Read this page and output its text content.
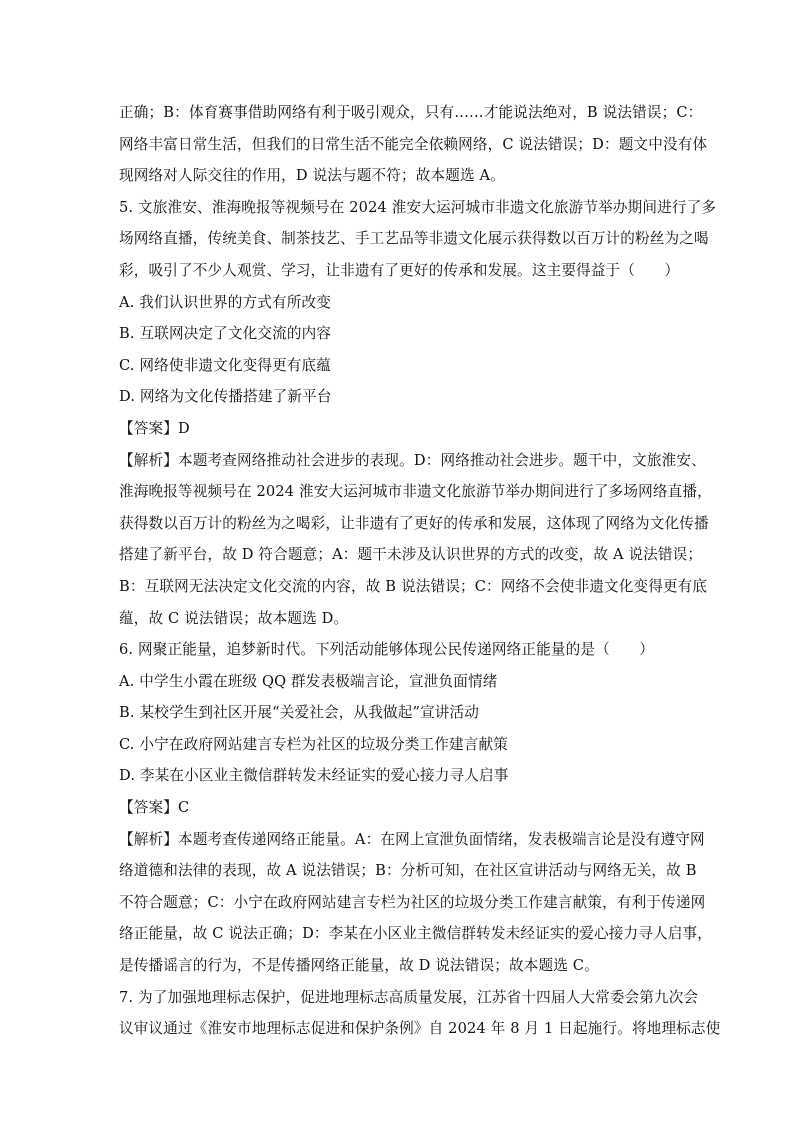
正确；B：体育赛事借助网络有利于吸引观众，只有……才能说法绝对，B 说法错误；C：
网络丰富日常生活，但我们的日常生活不能完全依赖网络，C 说法错误；D：题文中没有体
现网络对人际交往的作用，D 说法与题不符；故本题选 A。
5. 文旅淮安、淮海晚报等视频号在 2024 淮安大运河城市非遗文化旅游节举办期间进行了多
场网络直播，传统美食、制茶技艺、手工艺品等非遗文化展示获得数以百万计的粉丝为之喝
彩，吸引了不少人观赏、学习，让非遗有了更好的传承和发展。这主要得益于（　　）
A. 我们认识世界的方式有所改变
B. 互联网决定了文化交流的内容
C. 网络使非遗文化变得更有底蕴
D. 网络为文化传播搭建了新平台
【答案】D
【解析】本题考查网络推动社会进步的表现。D：网络推动社会进步。题干中，文旅淮安、
淮海晚报等视频号在 2024 淮安大运河城市非遗文化旅游节举办期间进行了多场网络直播，
获得数以百万计的粉丝为之喝彩，让非遗有了更好的传承和发展，这体现了网络为文化传播
搭建了新平台，故 D 符合题意；A：题干未涉及认识世界的方式的改变，故 A 说法错误；
B：互联网无法决定文化交流的内容，故 B 说法错误；C：网络不会使非遗文化变得更有底
蕴，故 C 说法错误；故本题选 D。
6. 网聚正能量，追梦新时代。下列活动能够体现公民传递网络正能量的是（　　）
A. 中学生小霞在班级 QQ 群发表极端言论，宣泄负面情绪
B. 某校学生到社区开展“关爱社会，从我做起”宣讲活动
C. 小宁在政府网站建言专栏为社区的垃圾分类工作建言献策
D. 李某在小区业主微信群转发未经证实的爱心接力寻人启事
【答案】C
【解析】本题考查传递网络正能量。A：在网上宣泄负面情绪，发表极端言论是没有遵守网
络道德和法律的表现，故 A 说法错误；B：分析可知，在社区宣讲活动与网络无关，故 B
不符合题意；C：小宁在政府网站建言专栏为社区的垃圾分类工作建言献策，有利于传递网
络正能量，故 C 说法正确；D：李某在小区业主微信群转发未经证实的爱心接力寻人启事，
是传播谣言的行为，不是传播网络正能量，故 D 说法错误；故本题选 C。
7. 为了加强地理标志保护，促进地理标志高质量发展，江苏省十四届人大常委会第九次会
议审议通过《淮安市地理标志促进和保护条例》自 2024 年 8 月 1 日起施行。将地理标志使
